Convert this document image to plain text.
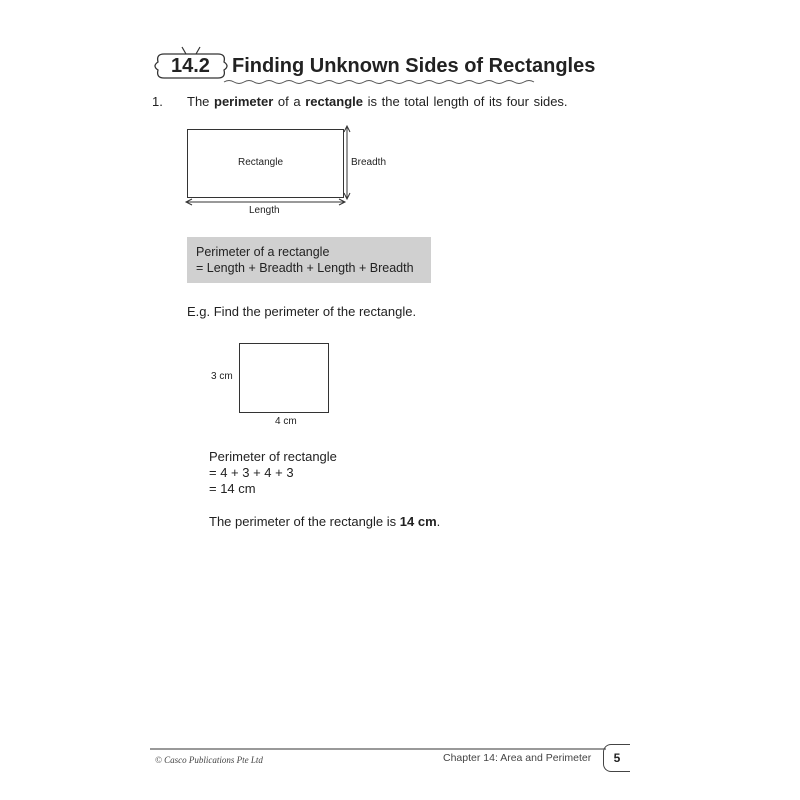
14.2 Finding Unknown Sides of Rectangles
1. The perimeter of a rectangle is the total length of its four sides.
Rectangle	Breadth
Length
Perimeter of a rectangle
= Length + Breadth + Length + Breadth
E.g. Find the perimeter of the rectangle.
3 cm
4 cm
Perimeter of rectangle
= 4 + 3 + 4 + 3
= 14 cm
The perimeter of the rectangle is 14 cm.
© Casco Publications Pte Ltd	Chapter 14: Area and Perimeter	5
